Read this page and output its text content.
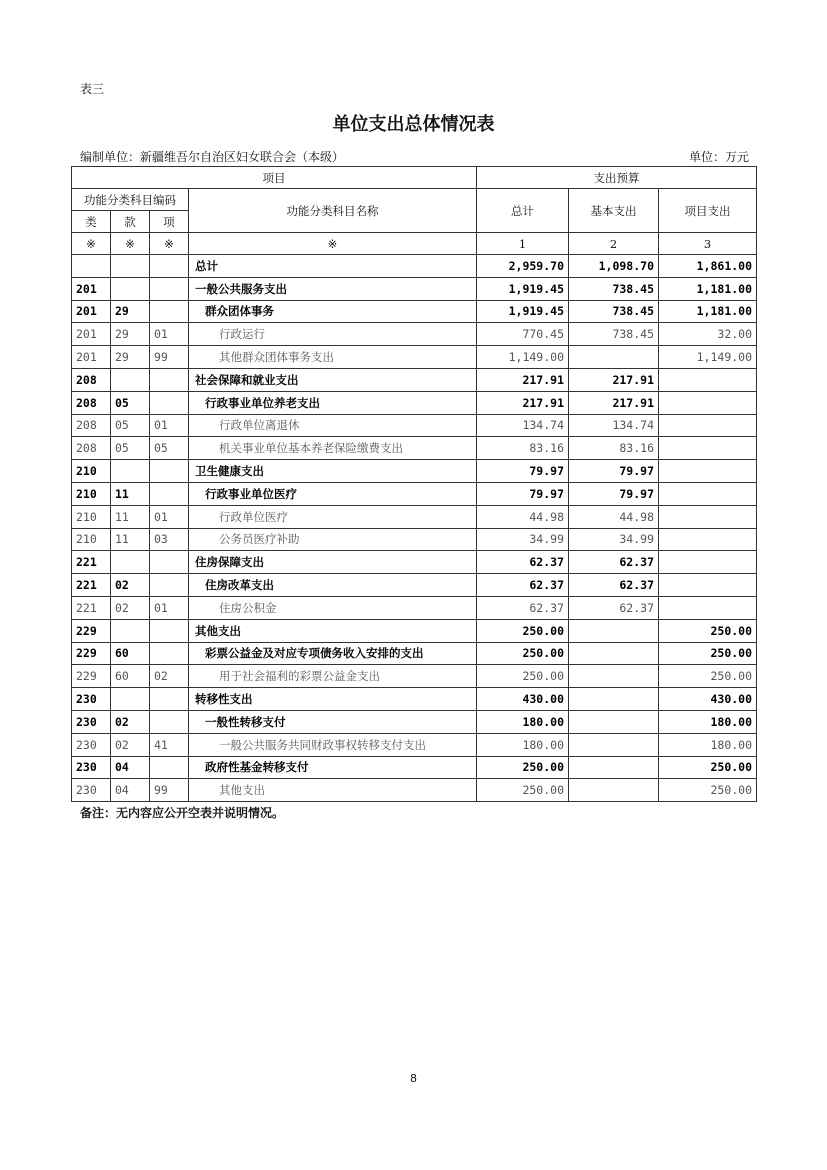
表三
单位支出总体情况表
编制单位：新疆维吾尔自治区妇女联合会（本级）	单位：万元
项目				支出预算		
功能分类科目编码			功能分类科目名称	总计	基本支出	项目支出
类	款	项				
※	※	※	※	1	2	3
			总计	2,959.70	1,098.70	1,861.00
201			一般公共服务支出	1,919.45	738.45	1,181.00
201	29		群众团体事务	1,919.45	738.45	1,181.00
201	29	01	行政运行	770.45	738.45	32.00
201	29	99	其他群众团体事务支出	1,149.00		1,149.00
208			社会保障和就业支出	217.91	217.91	
208	05		行政事业单位养老支出	217.91	217.91	
208	05	01	行政单位离退休	134.74	134.74	
208	05	05	机关事业单位基本养老保险缴费支出	83.16	83.16	
210			卫生健康支出	79.97	79.97	
210	11		行政事业单位医疗	79.97	79.97	
210	11	01	行政单位医疗	44.98	44.98	
210	11	03	公务员医疗补助	34.99	34.99	
221			住房保障支出	62.37	62.37	
221	02		住房改革支出	62.37	62.37	
221	02	01	住房公积金	62.37	62.37	
229			其他支出	250.00		250.00
229	60		彩票公益金及对应专项债务收入安排的支出	250.00		250.00
229	60	02	用于社会福利的彩票公益金支出	250.00		250.00
230			转移性支出	430.00		430.00
230	02		一般性转移支付	180.00		180.00
230	02	41	一般公共服务共同财政事权转移支付支出	180.00		180.00
230	04		政府性基金转移支付	250.00		250.00
230	04	99	其他支出	250.00		250.00
备注：无内容应公开空表并说明情况。
8
